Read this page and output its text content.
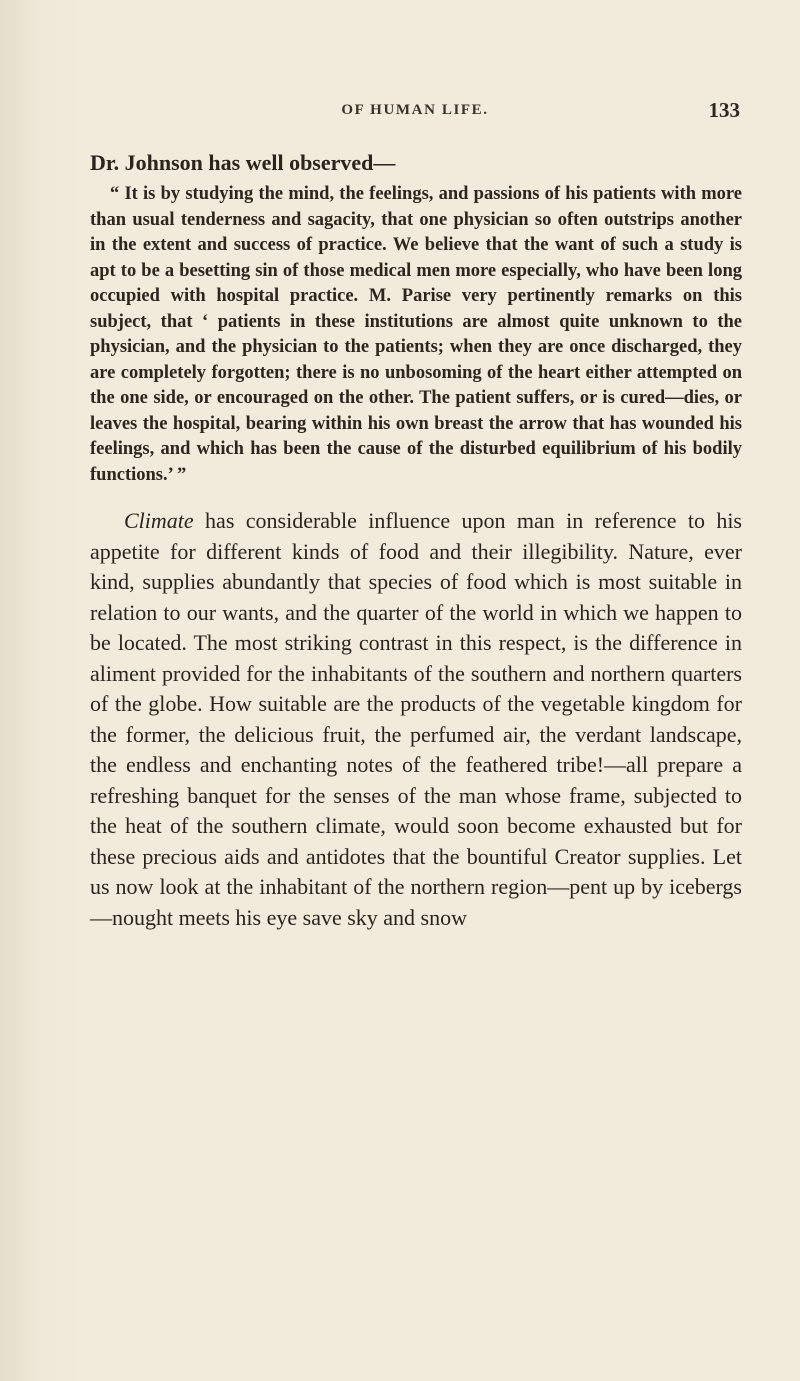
OF HUMAN LIFE.	133

Dr. Johnson has well observed—

“ It is by studying the mind, the feelings, and passions of his patients with more than usual tenderness and sagacity, that one physician so often outstrips another in the extent and success of practice. We believe that the want of such a study is apt to be a besetting sin of those medical men more especially, who have been long occupied with hospital practice. M. Parise very pertinently remarks on this subject, that ‘ patients in these institutions are almost quite unknown to the physician, and the physician to the patients; when they are once discharged, they are completely forgotten; there is no unbosoming of the heart either attempted on the one side, or encouraged on the other. The patient suffers, or is cured—dies, or leaves the hospital, bearing within his own breast the arrow that has wounded his feelings, and which has been the cause of the disturbed equilibrium of his bodily functions.’ ”

Climate has considerable influence upon man in reference to his appetite for different kinds of food and their illegibility. Nature, ever kind, supplies abundantly that species of food which is most suitable in relation to our wants, and the quarter of the world in which we happen to be located. The most striking contrast in this respect, is the difference in aliment provided for the inhabitants of the southern and northern quarters of the globe. How suitable are the products of the vegetable kingdom for the former, the delicious fruit, the perfumed air, the verdant landscape, the endless and enchanting notes of the feathered tribe!—all prepare a refreshing banquet for the senses of the man whose frame, subjected to the heat of the southern climate, would soon become exhausted but for these precious aids and antidotes that the bountiful Creator supplies. Let us now look at the inhabitant of the northern region—pent up by icebergs—nought meets his eye save sky and snow
